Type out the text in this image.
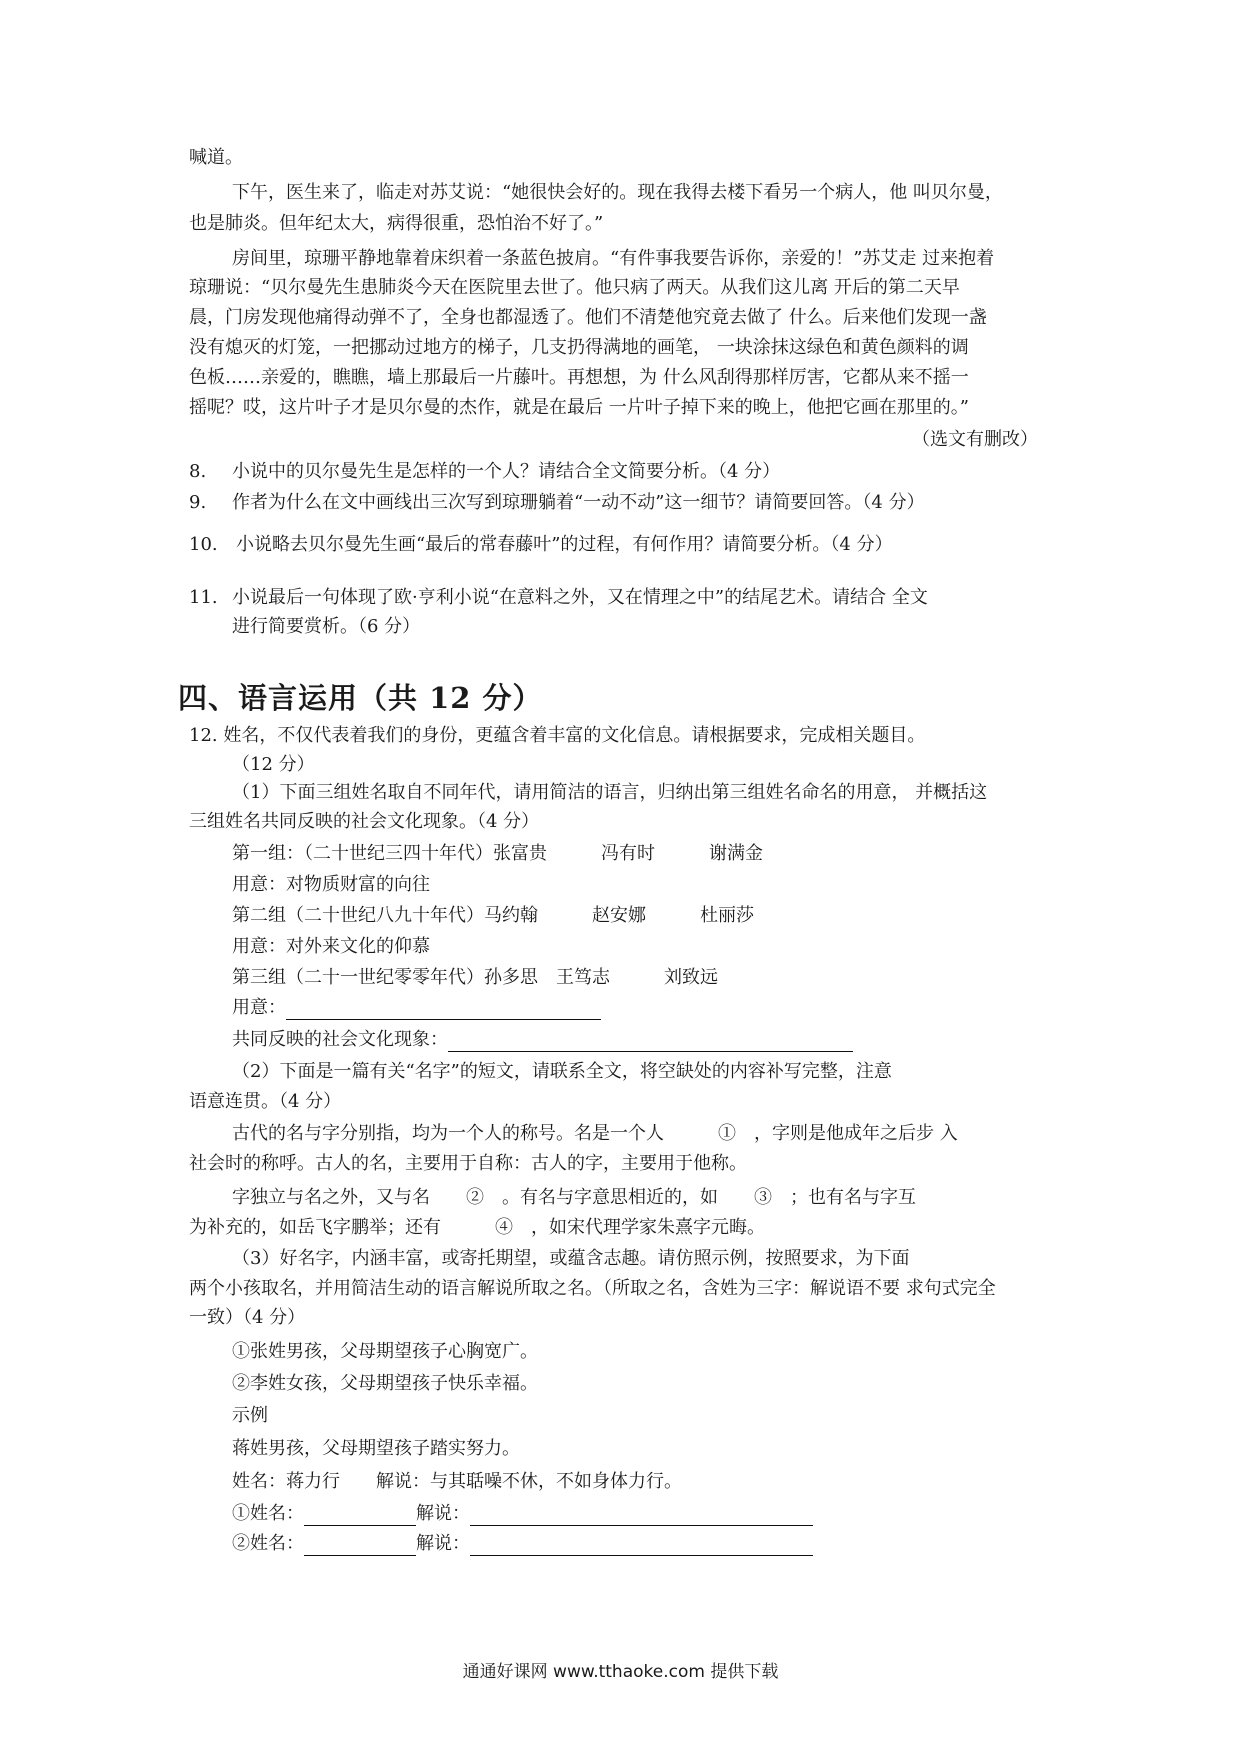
喊道。
下午，医生来了，临走对苏艾说：“她很快会好的。现在我得去楼下看另一个病人，他 叫贝尔曼，
也是肺炎。但年纪太大，病得很重，恐怕治不好了。”
房间里，琼珊平静地靠着床织着一条蓝色披肩。“有件事我要告诉你，亲爱的！”苏艾走 过来抱着
琼珊说：“贝尔曼先生患肺炎今天在医院里去世了。他只病了两天。从我们这儿离 开后的第二天早
晨，门房发现他痛得动弹不了，全身也都湿透了。他们不清楚他究竟去做了 什么。后来他们发现一盏
没有熄灭的灯笼，一把挪动过地方的梯子，几支扔得满地的画笔， 一块涂抹这绿色和黄色颜料的调
色板……亲爱的，瞧瞧，墙上那最后一片藤叶。再想想，为 什么风刮得那样厉害，它都从来不摇一
摇呢？哎，这片叶子才是贝尔曼的杰作，就是在最后 一片叶子掉下来的晚上，他把它画在那里的。”
（选文有删改）
8. 小说中的贝尔曼先生是怎样的一个人？请结合全文简要分析。（4 分）
9. 作者为什么在文中画线出三次写到琼珊躺着“一动不动”这一细节？请简要回答。（4 分）
10. 小说略去贝尔曼先生画“最后的常春藤叶”的过程，有何作用？请简要分析。（4 分）
11. 小说最后一句体现了欧·亨利小说“在意料之外，又在情理之中”的结尾艺术。请结合 全文
进行简要赏析。（6 分）
四、语言运用（共 12 分）
12. 姓名，不仅代表着我们的身份，更蕴含着丰富的文化信息。请根据要求，完成相关题目。
（12 分）
（1）下面三组姓名取自不同年代，请用简洁的语言，归纳出第三组姓名命名的用意， 并概括这
三组姓名共同反映的社会文化现象。（4 分）
第一组：（二十世纪三四十年代）张富贵　　　冯有时　　　谢满金
用意：对物质财富的向往
第二组（二十世纪八九十年代）马约翰　　　赵安娜　　　杜丽莎
用意：对外来文化的仰慕
第三组（二十一世纪零零年代）孙多思　王笃志　　　刘致远
用意：
共同反映的社会文化现象：
（2）下面是一篇有关“名字”的短文，请联系全文，将空缺处的内容补写完整，注意
语意连贯。（4 分）
古代的名与字分别指，均为一个人的称号。名是一个人　　　①　，字则是他成年之后步 入
社会时的称呼。古人的名，主要用于自称：古人的字，主要用于他称。
字独立与名之外，又与名　　②　。有名与字意思相近的，如　　③　；也有名与字互
为补充的，如岳飞字鹏举；还有　　　④　，如宋代理学家朱熹字元晦。
（3）好名字，内涵丰富，或寄托期望，或蕴含志趣。请仿照示例，按照要求，为下面
两个小孩取名，并用简洁生动的语言解说所取之名。（所取之名，含姓为三字：解说语不要 求句式完全
一致）（4 分）
①张姓男孩，父母期望孩子心胸宽广。
②李姓女孩，父母期望孩子快乐幸福。
示例
蒋姓男孩，父母期望孩子踏实努力。
姓名：蒋力行　　解说：与其聒噪不休，不如身体力行。
①姓名：	解说：
②姓名：	解说：
通通好课网 www.tthaoke.com 提供下载
